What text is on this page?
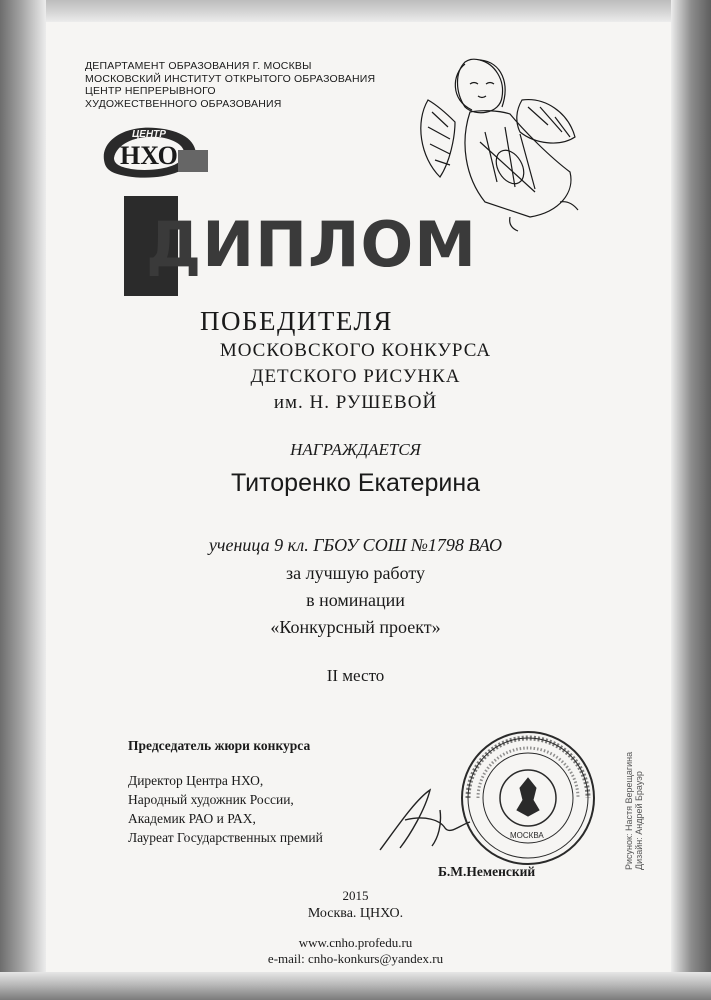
ДЕПАРТАМЕНТ ОБРАЗОВАНИЯ Г. МОСКВЫ
МОСКОВСКИЙ ИНСТИТУТ ОТКРЫТОГО ОБРАЗОВАНИЯ
ЦЕНТР НЕПРЕРЫВНОГО
ХУДОЖЕСТВЕННОГО ОБРАЗОВАНИЯ
ЦЕНТР
НХО
ДИПЛОМ
ПОБЕДИТЕЛЯ
МОСКОВСКОГО КОНКУРСА
ДЕТСКОГО РИСУНКА
им. Н. РУШЕВОЙ
НАГРАЖДАЕТСЯ
Титоренко Екатерина
ученица 9 кл. ГБОУ СОШ №1798 ВАО
за лучшую работу
в номинации
«Конкурсный проект»
II место
Председатель жюри конкурса
Директор Центра НХО,
Народный художник России,
Академик РАО и РАХ,
Лауреат Государственных премий	МОСКВА
Б.М.Неменский
2015
Москва. ЦНХО.
www.cnho.profedu.ru
e-mail: cnho-konkurs@yandex.ru
Рисунок: Настя Верещагина Дизайн: Андрей Брауэр
